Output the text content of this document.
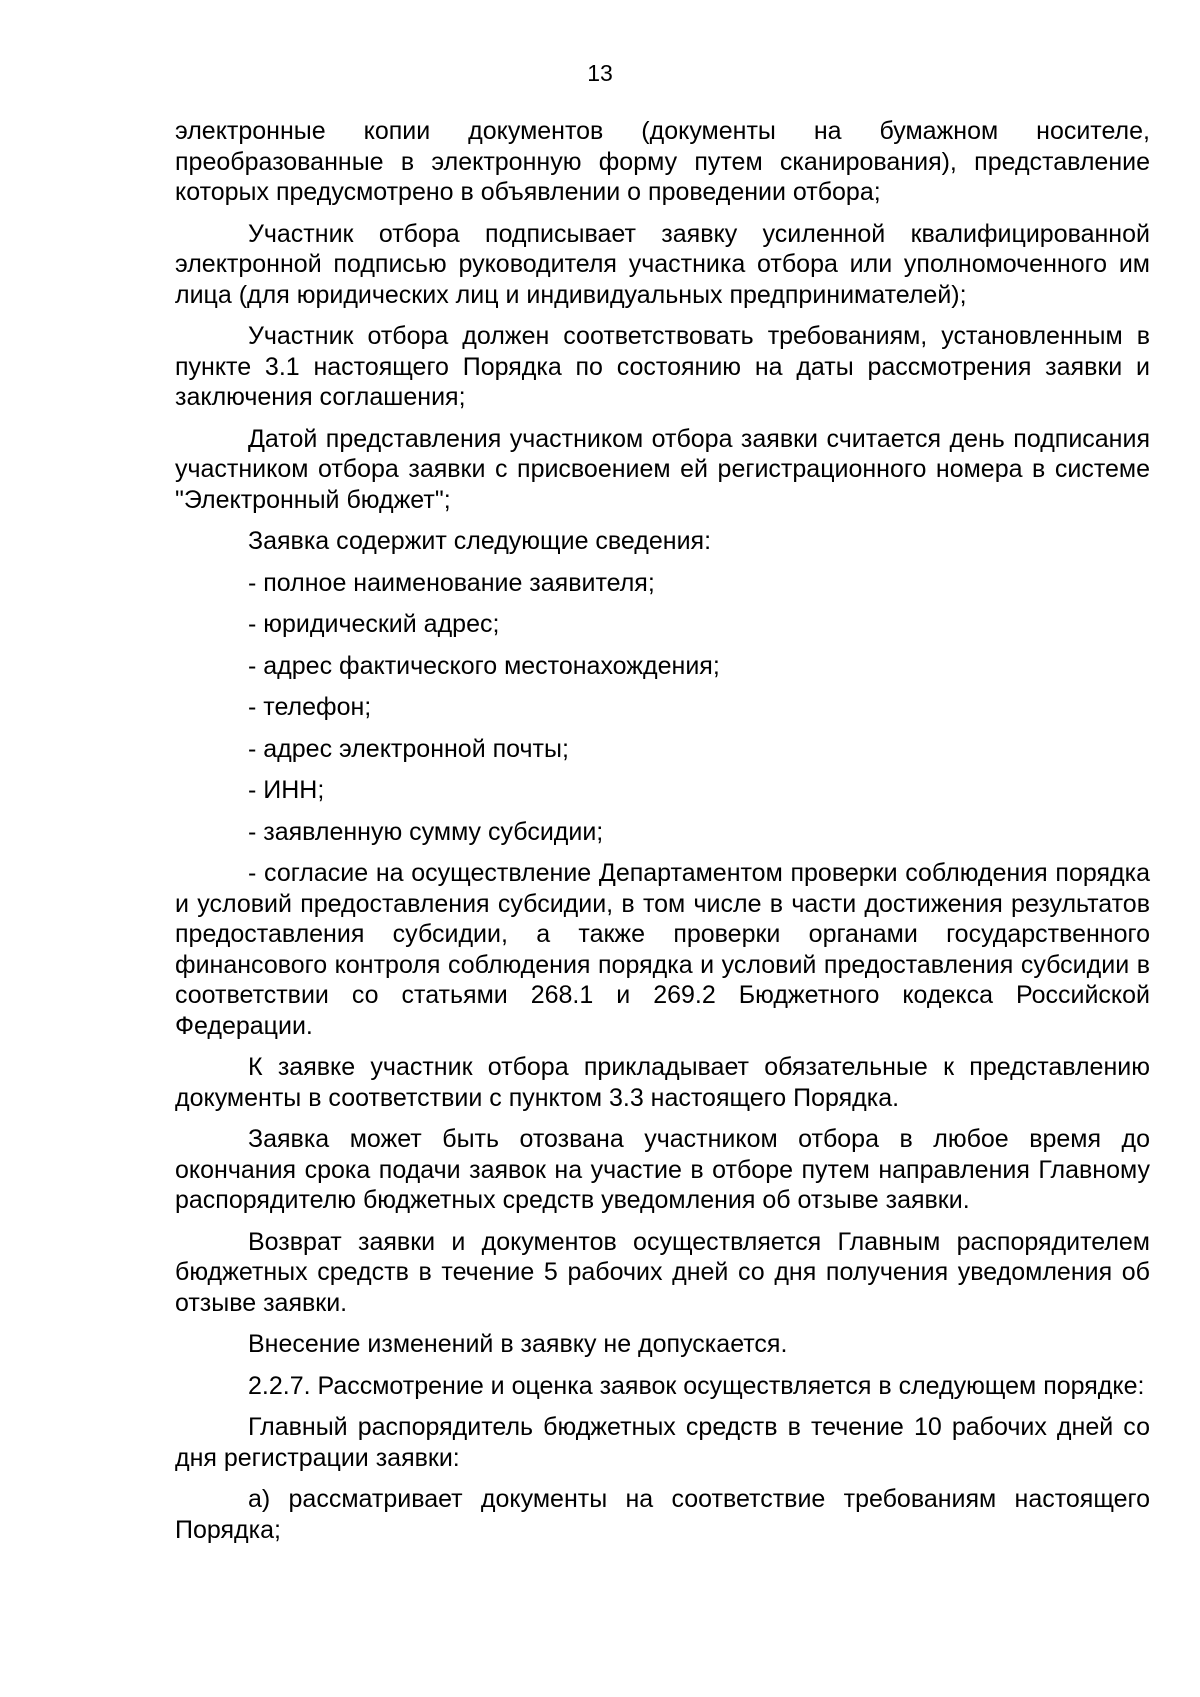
13

электронные копии документов (документы на бумажном носителе, преобразованные в электронную форму путем сканирования), представление которых предусмотрено в объявлении о проведении отбора;

Участник отбора подписывает заявку усиленной квалифицированной электронной подписью руководителя участника отбора или уполномоченного им лица (для юридических лиц и индивидуальных предпринимателей);

Участник отбора должен соответствовать требованиям, установленным в пункте 3.1 настоящего Порядка по состоянию на даты рассмотрения заявки и заключения соглашения;

Датой представления участником отбора заявки считается день подписания участником отбора заявки с присвоением ей регистрационного номера в системе "Электронный бюджет";

Заявка содержит следующие сведения:

- полное наименование заявителя;

- юридический адрес;

- адрес фактического местонахождения;

- телефон;

- адрес электронной почты;

- ИНН;

- заявленную сумму субсидии;

- согласие на осуществление Департаментом проверки соблюдения порядка и условий предоставления субсидии, в том числе в части достижения результатов предоставления субсидии, а также проверки органами государственного финансового контроля соблюдения порядка и условий предоставления субсидии в соответствии со статьями 268.1 и 269.2 Бюджетного кодекса Российской Федерации.

К заявке участник отбора прикладывает обязательные к представлению документы в соответствии с пунктом 3.3 настоящего Порядка.

Заявка может быть отозвана участником отбора в любое время до окончания срока подачи заявок на участие в отборе путем направления Главному распорядителю бюджетных средств уведомления об отзыве заявки.

Возврат заявки и документов осуществляется Главным распорядителем бюджетных средств в течение 5 рабочих дней со дня получения уведомления об отзыве заявки.

Внесение изменений в заявку не допускается.

2.2.7. Рассмотрение и оценка заявок осуществляется в следующем порядке:

Главный распорядитель бюджетных средств в течение 10 рабочих дней со дня регистрации заявки:

а) рассматривает документы на соответствие требованиям настоящего Порядка;
